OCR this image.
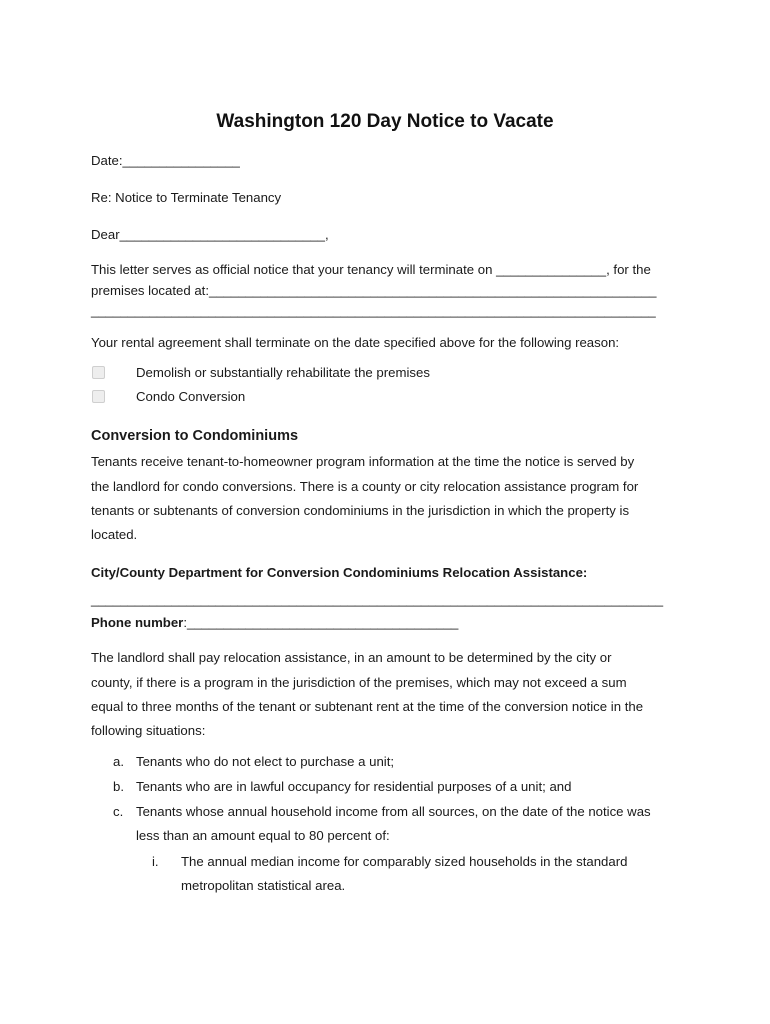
Washington 120 Day Notice to Vacate
Date:________________
Re: Notice to Terminate Tenancy
Dear____________________________,
This letter serves as official notice that your tenancy will terminate on _______________, for the
premises located at:_____________________________________________________________
_____________________________________________________________________________
Your rental agreement shall terminate on the date specified above for the following reason:
Demolish or substantially rehabilitate the premises
Condo Conversion
Conversion to Condominiums
Tenants receive tenant-to-homeowner program information at the time the notice is served by
the landlord for condo conversions. There is a county or city relocation assistance program for
tenants or subtenants of conversion condominiums in the jurisdiction in which the property is
located.
City/County Department for Conversion Condominiums Relocation Assistance:
______________________________________________________________________________
Phone number:_____________________________________
The landlord shall pay relocation assistance, in an amount to be determined by the city or
county, if there is a program in the jurisdiction of the premises, which may not exceed a sum
equal to three months of the tenant or subtenant rent at the time of the conversion notice in the
following situations:
a. Tenants who do not elect to purchase a unit;
b. Tenants who are in lawful occupancy for residential purposes of a unit; and
c. Tenants whose annual household income from all sources, on the date of the notice was
less than an amount equal to 80 percent of:
i. The annual median income for comparably sized households in the standard
metropolitan statistical area.
